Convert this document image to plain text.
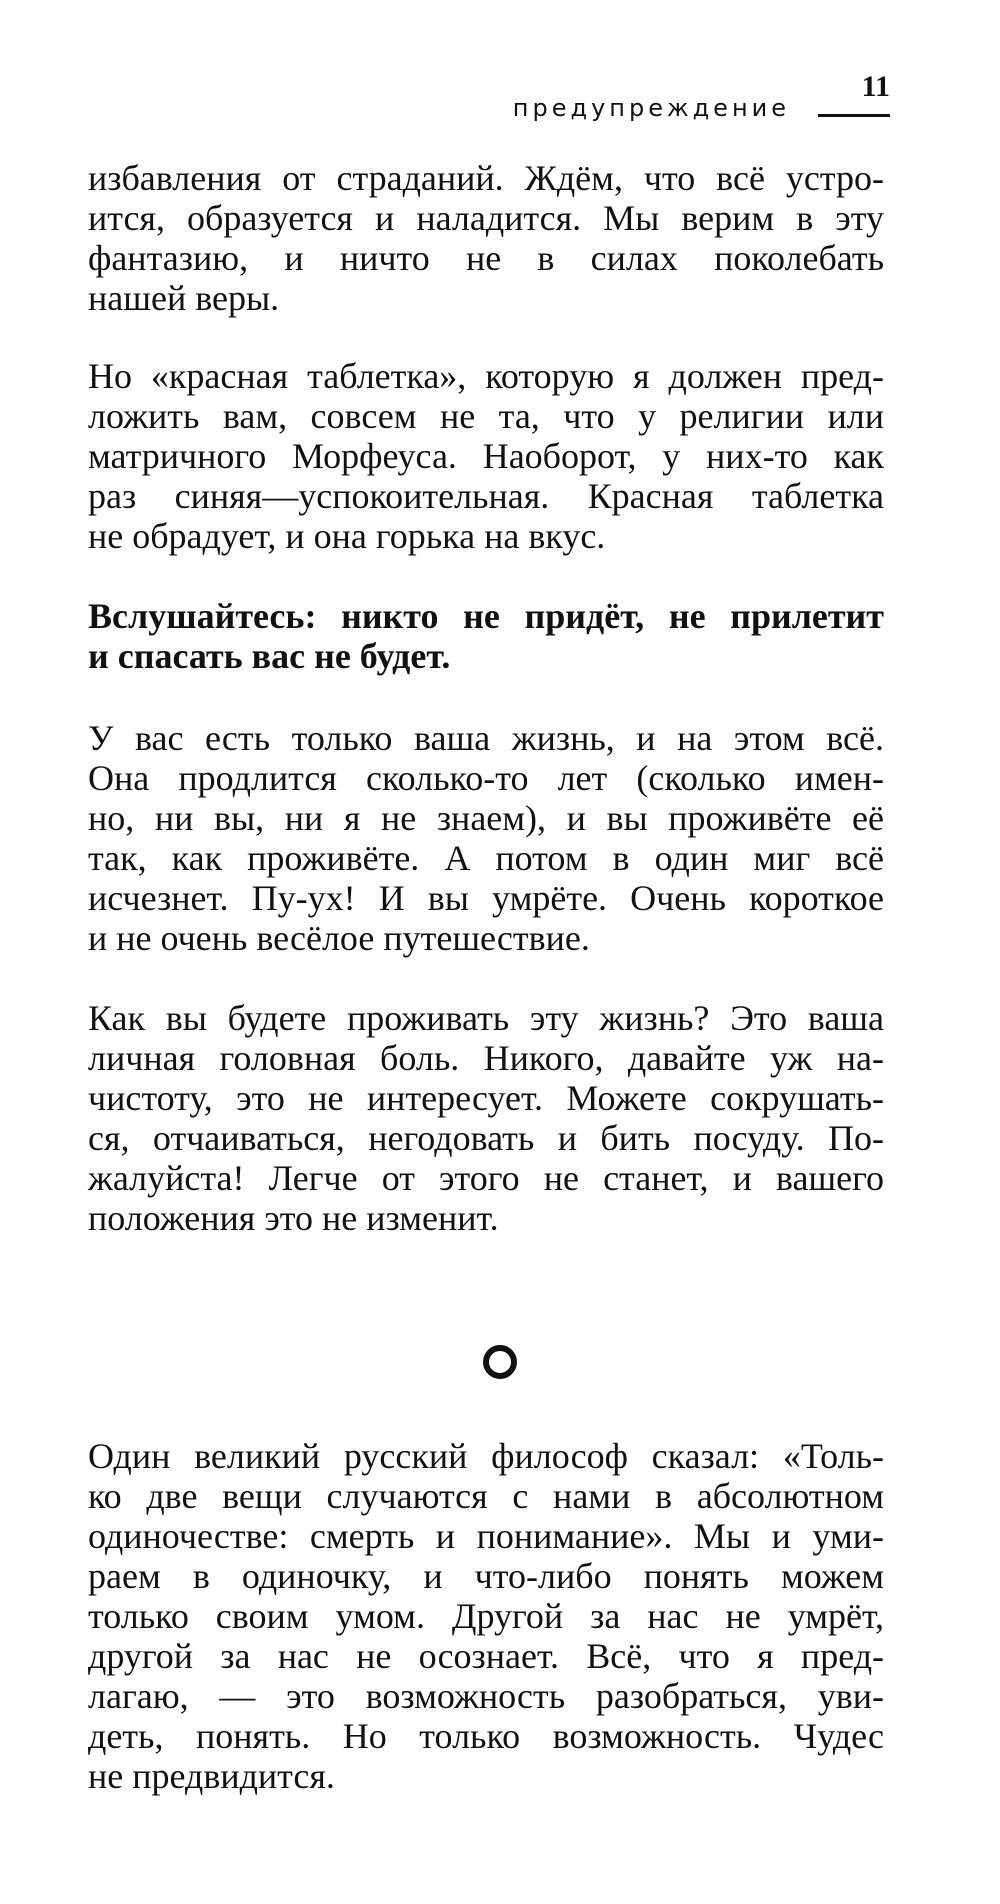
предупреждение
11

избавления от страданий. Ждём, что всё устро-
ится, образуется и наладится. Мы верим в эту
фантазию, и ничто не в силах поколебать
нашей веры.

Но «красная таблетка», которую я должен пред-
ложить вам, совсем не та, что у религии или
матричного Морфеуса. Наоборот, у них-то как
раз синяя—успокоительная. Красная таблетка
не обрадует, и она горька на вкус.

Вслушайтесь: никто не придёт, не прилетит
и спасать вас не будет.

У вас есть только ваша жизнь, и на этом всё.
Она продлится сколько-то лет (сколько имен-
но, ни вы, ни я не знаем), и вы проживёте её
так, как проживёте. А потом в один миг всё
исчезнет. Пу-ух! И вы умрёте. Очень короткое
и не очень весёлое путешествие.

Как вы будете проживать эту жизнь? Это ваша
личная головная боль. Никого, давайте уж на-
чистоту, это не интересует. Можете сокрушать-
ся, отчаиваться, негодовать и бить посуду. По-
жалуйста! Легче от этого не станет, и вашего
положения это не изменит.

Один великий русский философ сказал: «Толь-
ко две вещи случаются с нами в абсолютном
одиночестве: смерть и понимание». Мы и уми-
раем в одиночку, и что-либо понять можем
только своим умом. Другой за нас не умрёт,
другой за нас не осознает. Всё, что я пред-
лагаю, — это возможность разобраться, уви-
деть, понять. Но только возможность. Чудес
не предвидится.
